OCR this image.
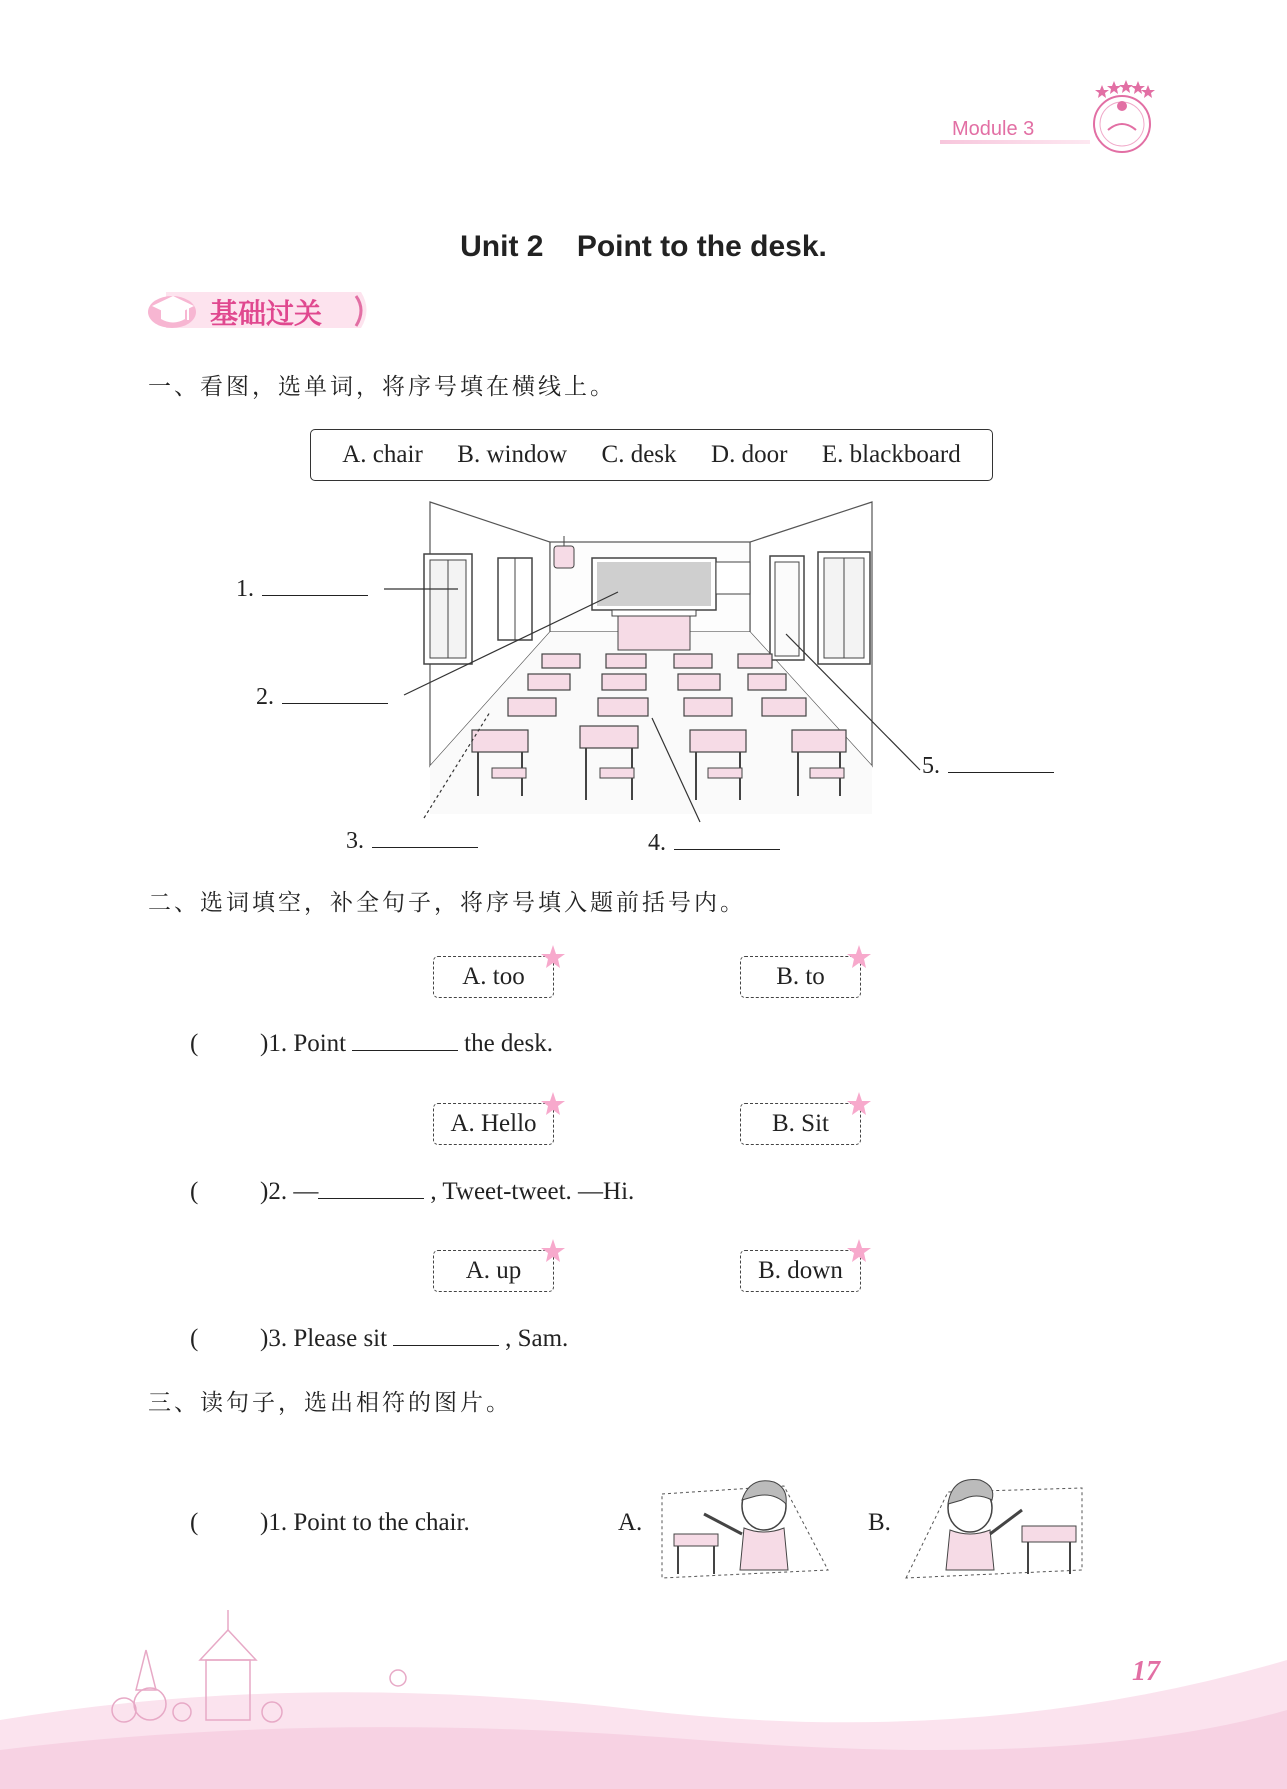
Module 3
Unit 2    Point to the desk.
基础过关
一、看图，选单词，将序号填在横线上。
A. chair B. window C. desk D. door E. blackboard
1.
2.
3.	4.
5.
二、选词填空，补全句子，将序号填入题前括号内。
A. too	B. to
( )1. Point	the desk.
A. Hello	B. Sit
( )2. —	, Tweet-tweet. —Hi.
A. up	B. down
( )3. Please sit	, Sam.
三、读句子，选出相符的图片。
( )1. Point to the chair.	A.	B.
17
